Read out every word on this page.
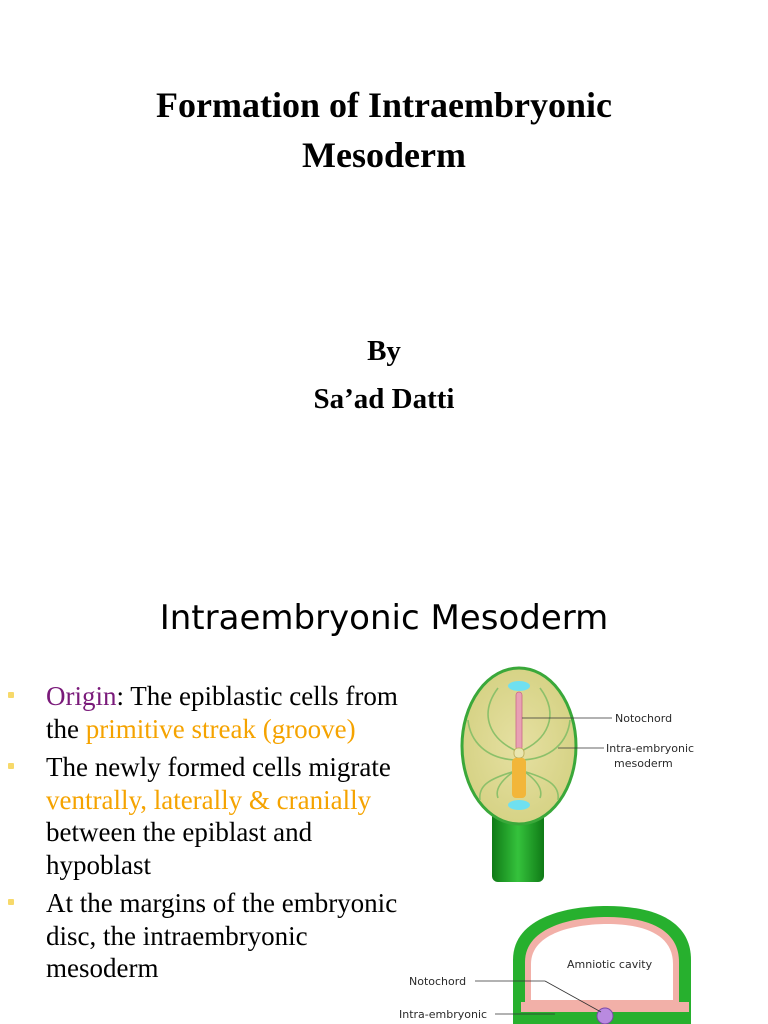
Formation of Intraembryonic
Mesoderm
By
Sa’ad Datti
Intraembryonic Mesoderm
Origin: The epiblastic cells from the primitive streak (groove)
The newly formed cells migrate ventrally, laterally & cranially between the epiblast and hypoblast
At the margins of the embryonic disc, the intraembryonic mesoderm
Notochord
Intra-embryonic
mesoderm
Amniotic cavity
Notochord
Intra-embryonic
